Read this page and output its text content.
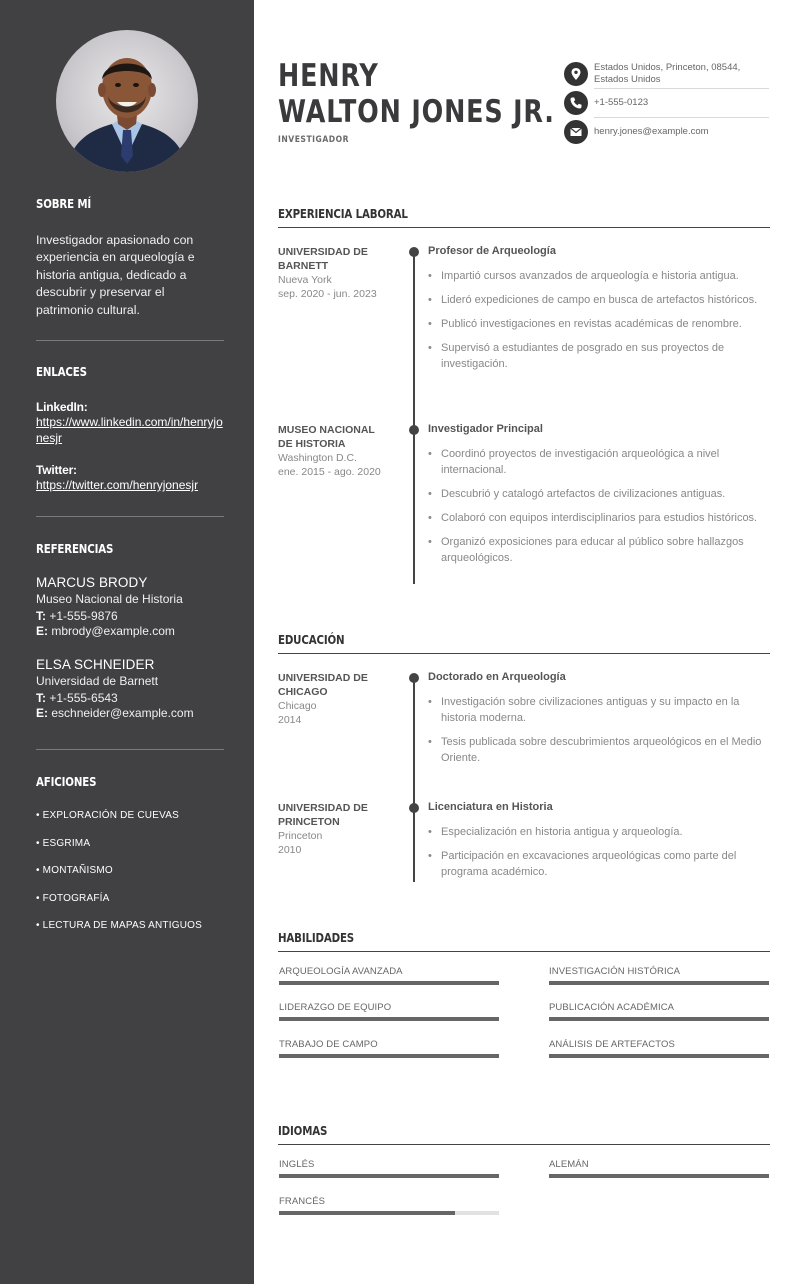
SOBRE MÍ
Investigador apasionado con experiencia en arqueología e historia antigua, dedicado a descubrir y preservar el patrimonio cultural.
ENLACES
LinkedIn:
https://www.linkedin.com/in/henryjonesjr
Twitter:
https://twitter.com/henryjonesjr
REFERENCIAS
MARCUS BRODY
Museo Nacional de Historia
T: +1-555-9876
E: mbrody@example.com
ELSA SCHNEIDER
Universidad de Barnett
T: +1-555-6543
E: eschneider@example.com
AFICIONES
• EXPLORACIÓN DE CUEVAS
• ESGRIMA
• MONTAÑISMO
• FOTOGRAFÍA
• LECTURA DE MAPAS ANTIGUOS
HENRY
WALTON JONES JR.
INVESTIGADOR
Estados Unidos, Princeton, 08544,
Estados Unidos
+1-555-0123
henry.jones@example.com
EXPERIENCIA LABORAL
UNIVERSIDAD DE
BARNETT
Nueva York
sep. 2020 - jun. 2023
Profesor de Arqueología
• Impartió cursos avanzados de arqueología e historia antigua.
• Lideró expediciones de campo en busca de artefactos históricos.
• Publicó investigaciones en revistas académicas de renombre.
• Supervisó a estudiantes de posgrado en sus proyectos de investigación.
MUSEO NACIONAL
DE HISTORIA
Washington D.C.
ene. 2015 - ago. 2020
Investigador Principal
• Coordinó proyectos de investigación arqueológica a nivel internacional.
• Descubrió y catalogó artefactos de civilizaciones antiguas.
• Colaboró con equipos interdisciplinarios para estudios históricos.
• Organizó exposiciones para educar al público sobre hallazgos arqueológicos.
EDUCACIÓN
UNIVERSIDAD DE
CHICAGO
Chicago
2014
Doctorado en Arqueología
• Investigación sobre civilizaciones antiguas y su impacto en la historia moderna.
• Tesis publicada sobre descubrimientos arqueológicos en el Medio Oriente.
UNIVERSIDAD DE
PRINCETON
Princeton
2010
Licenciatura en Historia
• Especialización en historia antigua y arqueología.
• Participación en excavaciones arqueológicas como parte del programa académico.
HABILIDADES
ARQUEOLOGÍA AVANZADA	INVESTIGACIÓN HISTÓRICA
LIDERAZGO DE EQUIPO	PUBLICACIÓN ACADÉMICA
TRABAJO DE CAMPO	ANÁLISIS DE ARTEFACTOS
IDIOMAS
INGLÉS	ALEMÁN
FRANCÉS
